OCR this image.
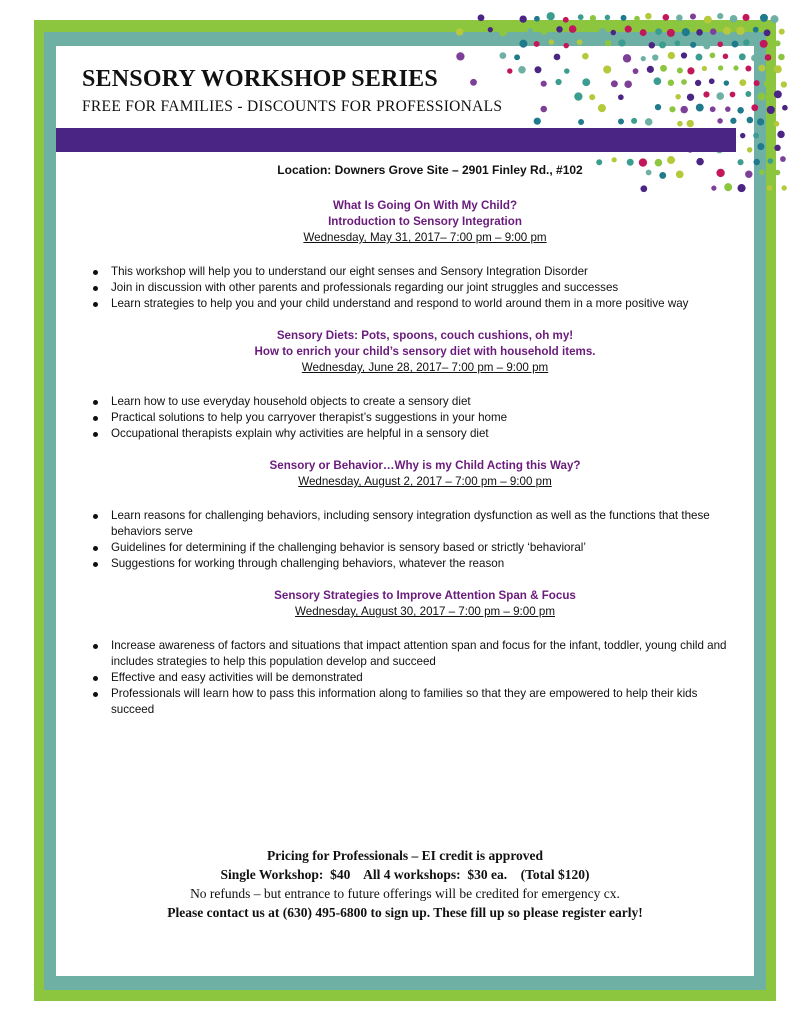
SENSORY WORKSHOP SERIES

FREE FOR FAMILIES - DISCOUNTS FOR PROFESSIONALS

Location: Downers Grove Site – 2901 Finley Rd., #102

What Is Going On With My Child?

Introduction to Sensory Integration

Wednesday, May 31, 2017– 7:00 pm – 9:00 pm

This workshop will help you to understand our eight senses and Sensory Integration Disorder
Join in discussion with other parents and professionals regarding our joint struggles and successes
Learn strategies to help you and your child understand and respond to world around them in a more positive way

Sensory Diets: Pots, spoons, couch cushions, oh my!

How to enrich your child’s sensory diet with household items.

Wednesday, June 28, 2017– 7:00 pm – 9:00 pm

Learn how to use everyday household objects to create a sensory diet
Practical solutions to help you carryover therapist’s suggestions in your home
Occupational therapists explain why activities are helpful in a sensory diet

Sensory or Behavior…Why is my Child Acting this Way?

Wednesday, August 2, 2017 – 7:00 pm – 9:00 pm

Learn reasons for challenging behaviors, including sensory integration dysfunction as well as the functions that these behaviors serve
Guidelines for determining if the challenging behavior is sensory based or strictly ‘behavioral’
Suggestions for working through challenging behaviors, whatever the reason

Sensory Strategies to Improve Attention Span & Focus

Wednesday, August 30, 2017 – 7:00 pm – 9:00 pm

Increase awareness of factors and situations that impact attention span and focus for the infant, toddler, young child and includes strategies to help this population develop and succeed
Effective and easy activities will be demonstrated
Professionals will learn how to pass this information along to families so that they are empowered to help their kids succeed

Pricing for Professionals – EI credit is approved

Single Workshop:  $40    All 4 workshops:  $30 ea.    (Total $120)

No refunds – but entrance to future offerings will be credited for emergency cx.

Please contact us at (630) 495-6800 to sign up. These fill up so please register early!
